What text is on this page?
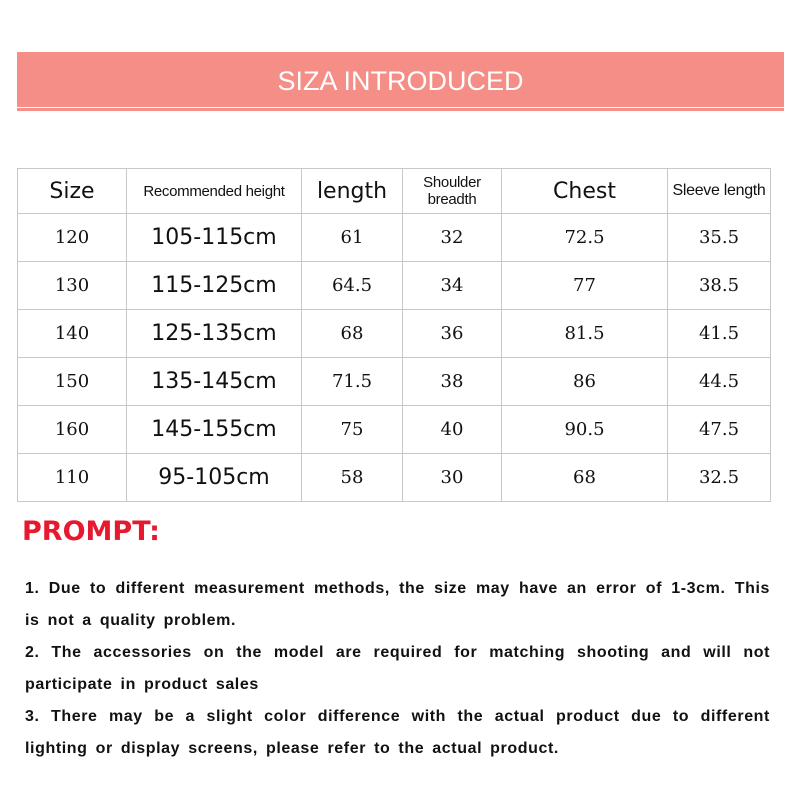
SIZA INTRODUCED
Size	Recommended height	length	Shoulder breadth	Chest	Sleeve length
120	105-115cm	61	32	72.5	35.5
130	115-125cm	64.5	34	77	38.5
140	125-135cm	68	36	81.5	41.5
150	135-145cm	71.5	38	86	44.5
160	145-155cm	75	40	90.5	47.5
110	95-105cm	58	30	68	32.5
PROMPT:

1. Due to different measurement methods, the size may have an error of 1-3cm. This is not a quality problem.

2. The accessories on the model are required for matching shooting and will not participate in product sales

3. There may be a slight color difference with the actual product due to different lighting or display screens, please refer to the actual product.
